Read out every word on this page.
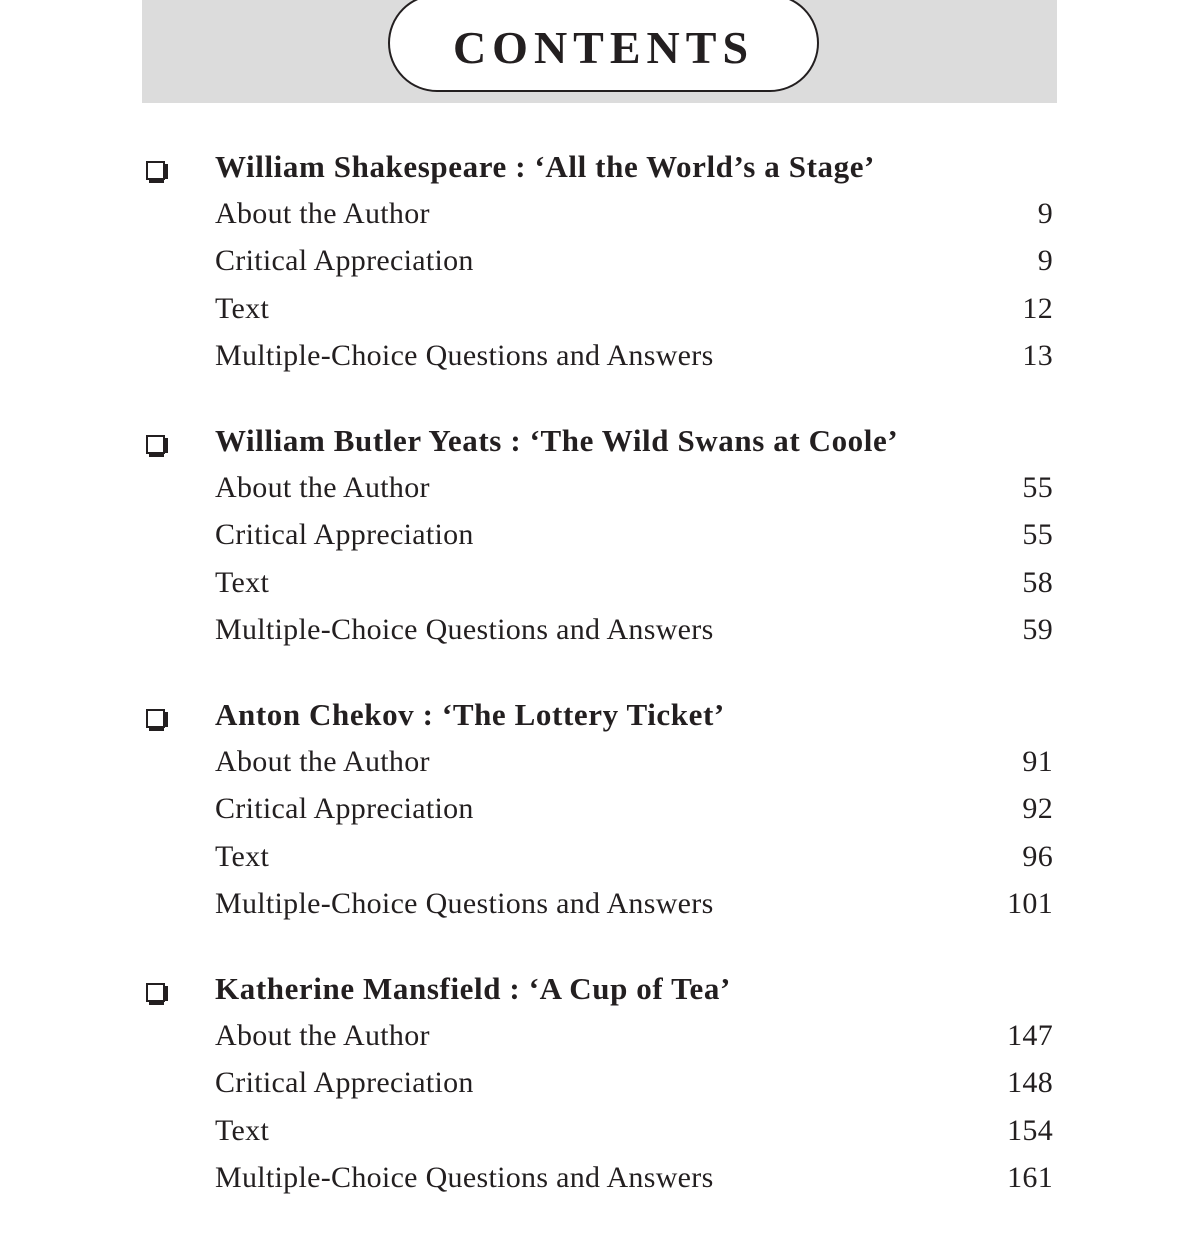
CONTENTS
William Shakespeare : ‘All the World’s a Stage’
About the Author	9
Critical Appreciation	9
Text	12
Multiple-Choice Questions and Answers	13
William Butler Yeats : ‘The Wild Swans at Coole’
About the Author	55
Critical Appreciation	55
Text	58
Multiple-Choice Questions and Answers	59
Anton Chekov : ‘The Lottery Ticket’
About the Author	91
Critical Appreciation	92
Text	96
Multiple-Choice Questions and Answers	101
Katherine Mansfield : ‘A Cup of Tea’
About the Author	147
Critical Appreciation	148
Text	154
Multiple-Choice Questions and Answers	161
